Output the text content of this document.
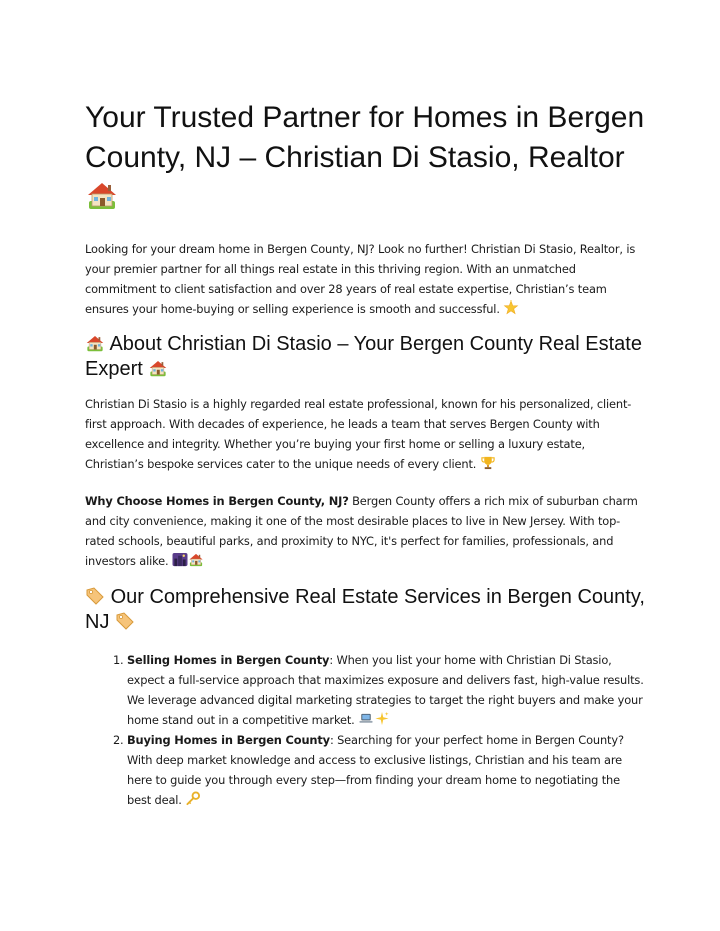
Your Trusted Partner for Homes in Bergen County, NJ – Christian Di Stasio, Realtor

Looking for your dream home in Bergen County, NJ? Look no further! Christian Di Stasio, Realtor, is your premier partner for all things real estate in this thriving region. With an unmatched commitment to client satisfaction and over 28 years of real estate expertise, Christian’s team ensures your home-buying or selling experience is smooth and successful.

About Christian Di Stasio – Your Bergen County Real Estate Expert

Christian Di Stasio is a highly regarded real estate professional, known for his personalized, client-first approach. With decades of experience, he leads a team that serves Bergen County with excellence and integrity. Whether you’re buying your first home or selling a luxury estate, Christian’s bespoke services cater to the unique needs of every client.

Why Choose Homes in Bergen County, NJ? Bergen County offers a rich mix of suburban charm and city convenience, making it one of the most desirable places to live in New Jersey. With top-rated schools, beautiful parks, and proximity to NYC, it's perfect for families, professionals, and investors alike.

Our Comprehensive Real Estate Services in Bergen County, NJ
1. Selling Homes in Bergen County: When you list your home with Christian Di Stasio, expect a full-service approach that maximizes exposure and delivers fast, high-value results. We leverage advanced digital marketing strategies to target the right buyers and make your home stand out in a competitive market.
2. Buying Homes in Bergen County: Searching for your perfect home in Bergen County? With deep market knowledge and access to exclusive listings, Christian and his team are here to guide you through every step—from finding your dream home to negotiating the best deal.
